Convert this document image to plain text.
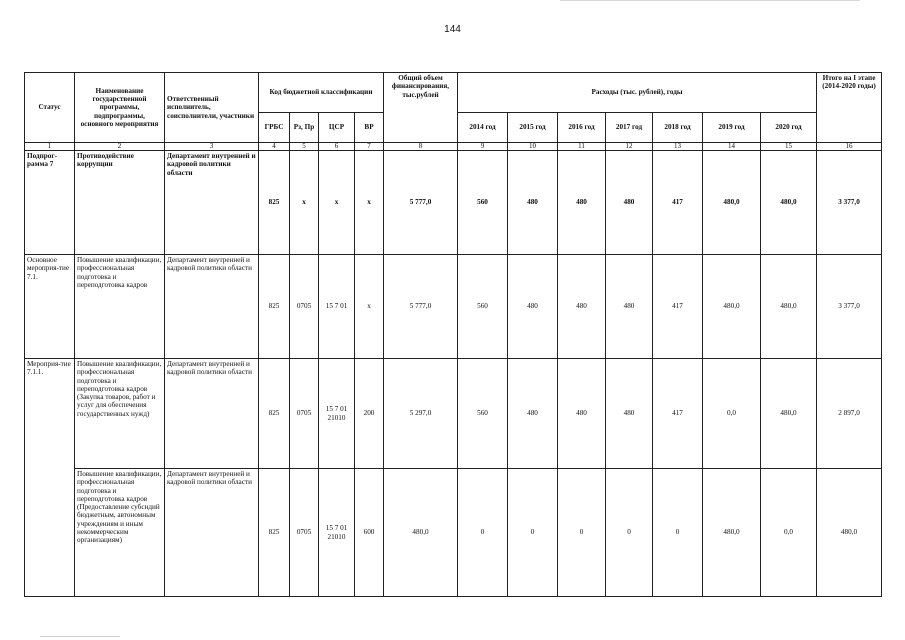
144
Статус	Наименование государственной программы, подпрограммы, основного мероприятия	Ответственный исполнитель, соисполнители, участники	Код бюджетной классификации				Общий объем финансирования, тыс.рублей	Расходы (тыс. рублей), годы							Итого на I этапе (2014-2020 годы)
			ГРБС	Рз, Пр	ЦСР	ВР		2014 год	2015 год	2016 год	2017 год	2018 год	2019 год	2020 год	
1	2	3	4	5	6	7	8	9	10	11	12	13	14	15	16
Подпрог-рамма 7	Противодействие коррупции	Департамент внутренней и кадровой политики области	825	х	х	х	5 777,0	560	480	480	480	417	480,0	480,0	3 377,0
Основное мероприя-тие 7.1.	Повышение квалификации, профессиональная подготовка и переподготовка кадров	Департамент внутренней и кадровой политики области	825	0705	15 7 01	х	5 777,0	560	480	480	480	417	480,0	480,0	3 377,0
Мероприя-тие 7.1.1.	Повышение квалификации, профессиональная подготовка и переподготовка кадров (Закупка товаров, работ и услуг для обеспечения государственных нужд)	Департамент внутренней и кадровой политики области	825	0705	15 7 01 21010	200	5 297,0	560	480	480	480	417	0,0	480,0	2 897,0
	Повышение квалификации, профессиональная подготовка и переподготовка кадров (Предоставление субсидий бюджетным, автономным учреждениям и иным некоммерческим организациям)	Департамент внутренней и кадровой политики области	825	0705	15 7 01 21010	600	480,0	0	0	0	0	0	480,0	0,0	480,0
